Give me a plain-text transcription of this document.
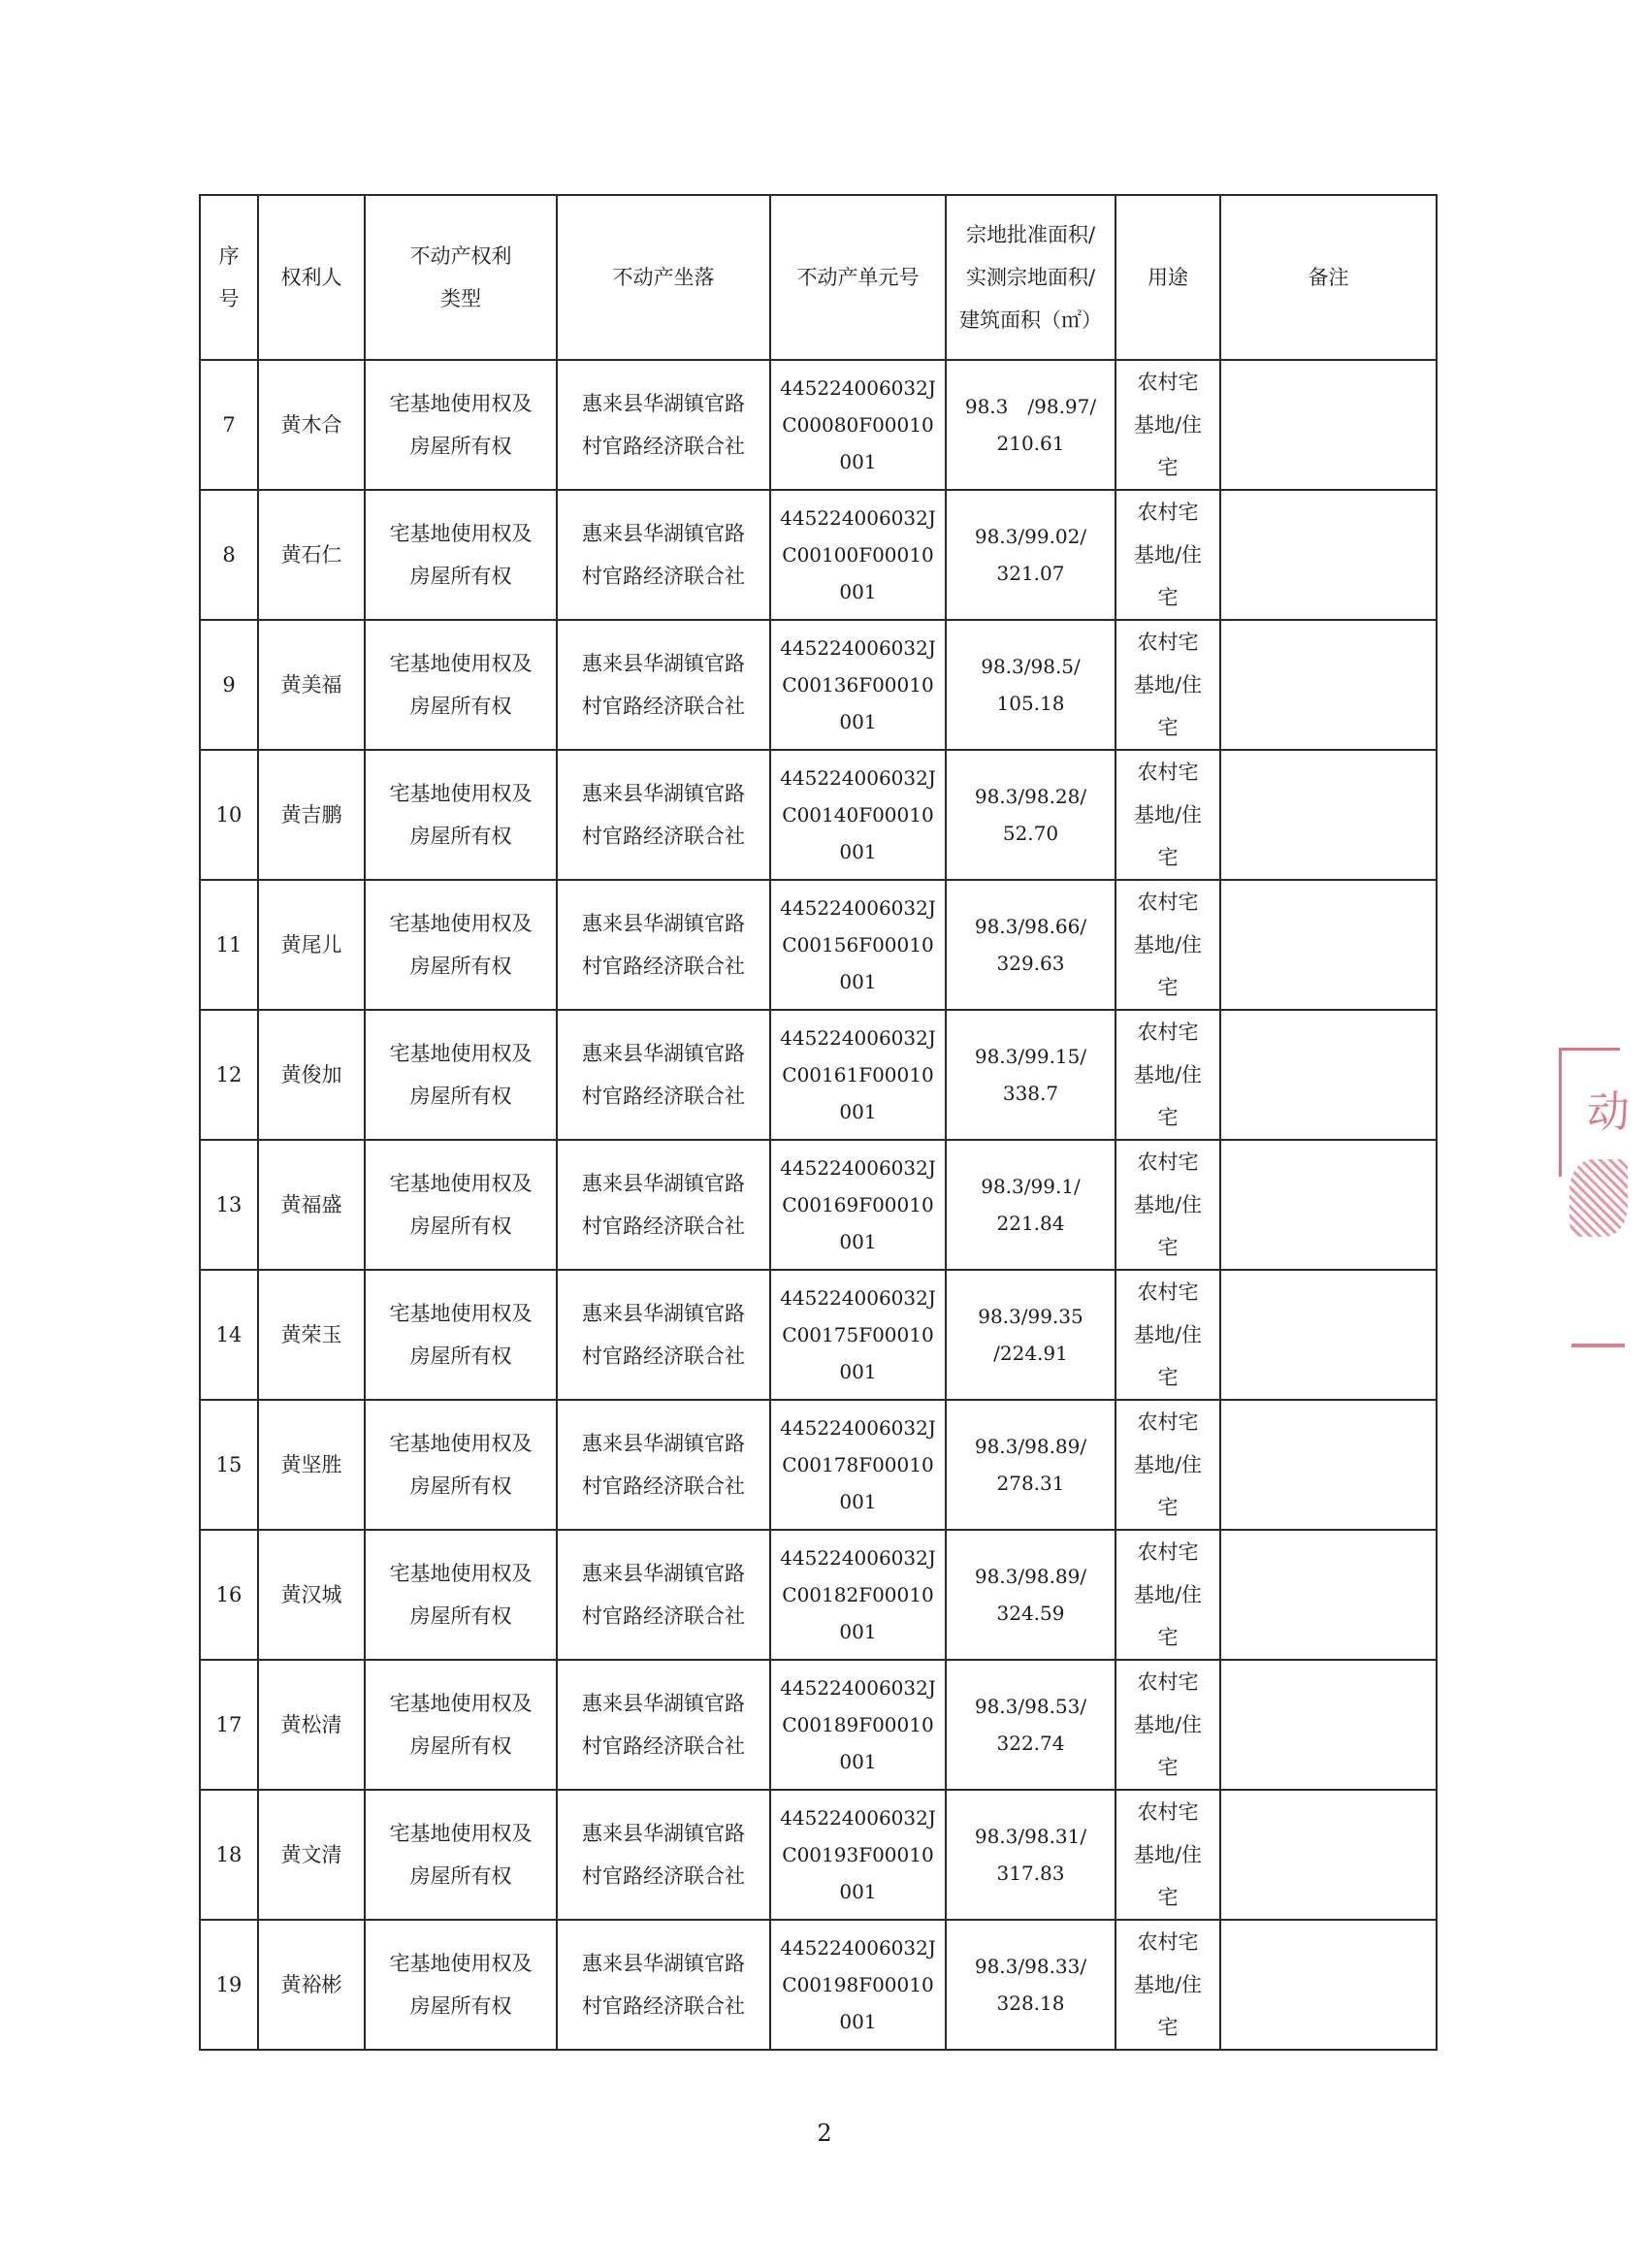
序
号	权利人	不动产权利
类型	不动产坐落	不动产单元号	宗地批准面积/
实测宗地面积/
建筑面积（㎡）	用途	备注

7	黄木合	宅基地使用权及
房屋所有权	惠来县华湖镇官路
村官路经济联合社	445224006032J
C00080F00010
001	98.3　/98.97/
210.61	农村宅
基地/住
宅	

8	黄石仁	宅基地使用权及
房屋所有权	惠来县华湖镇官路
村官路经济联合社	445224006032J
C00100F00010
001	98.3/99.02/
321.07	农村宅
基地/住
宅	

9	黄美福	宅基地使用权及
房屋所有权	惠来县华湖镇官路
村官路经济联合社	445224006032J
C00136F00010
001	98.3/98.5/
105.18	农村宅
基地/住
宅	

10	黄吉鹏	宅基地使用权及
房屋所有权	惠来县华湖镇官路
村官路经济联合社	445224006032J
C00140F00010
001	98.3/98.28/
52.70	农村宅
基地/住
宅	

11	黄尾儿	宅基地使用权及
房屋所有权	惠来县华湖镇官路
村官路经济联合社	445224006032J
C00156F00010
001	98.3/98.66/
329.63	农村宅
基地/住
宅	

12	黄俊加	宅基地使用权及
房屋所有权	惠来县华湖镇官路
村官路经济联合社	445224006032J
C00161F00010
001	98.3/99.15/
338.7	农村宅
基地/住
宅	

13	黄福盛	宅基地使用权及
房屋所有权	惠来县华湖镇官路
村官路经济联合社	445224006032J
C00169F00010
001	98.3/99.1/
221.84	农村宅
基地/住
宅	

14	黄荣玉	宅基地使用权及
房屋所有权	惠来县华湖镇官路
村官路经济联合社	445224006032J
C00175F00010
001	98.3/99.35
/224.91	农村宅
基地/住
宅	

15	黄坚胜	宅基地使用权及
房屋所有权	惠来县华湖镇官路
村官路经济联合社	445224006032J
C00178F00010
001	98.3/98.89/
278.31	农村宅
基地/住
宅	

16	黄汉城	宅基地使用权及
房屋所有权	惠来县华湖镇官路
村官路经济联合社	445224006032J
C00182F00010
001	98.3/98.89/
324.59	农村宅
基地/住
宅	

17	黄松清	宅基地使用权及
房屋所有权	惠来县华湖镇官路
村官路经济联合社	445224006032J
C00189F00010
001	98.3/98.53/
322.74	农村宅
基地/住
宅	

18	黄文清	宅基地使用权及
房屋所有权	惠来县华湖镇官路
村官路经济联合社	445224006032J
C00193F00010
001	98.3/98.31/
317.83	农村宅
基地/住
宅	

19	黄裕彬	宅基地使用权及
房屋所有权	惠来县华湖镇官路
村官路经济联合社	445224006032J
C00198F00010
001	98.3/98.33/
328.18	农村宅
基地/住
宅	

2
动
